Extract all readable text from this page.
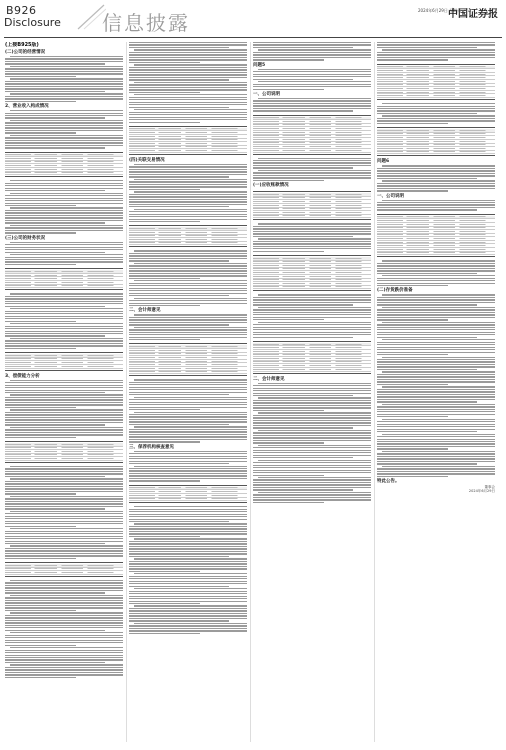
B926
Disclosure 信息披露
2024年6月29日 星期六
中国证券报
(上接B925版)
(二)公司的经营情况
2、营业收入构成情况
(三)公司的财务状况
3、偿债能力分析
(四)关联交易情况
二、会计师意见
三、保荐机构核查意见
问题5
一、公司说明
(一)应收账款情况
二、会计师意见
问题6
一、公司说明
(二)存货跌价准备
特此公告。
董事会
2024年6月29日
